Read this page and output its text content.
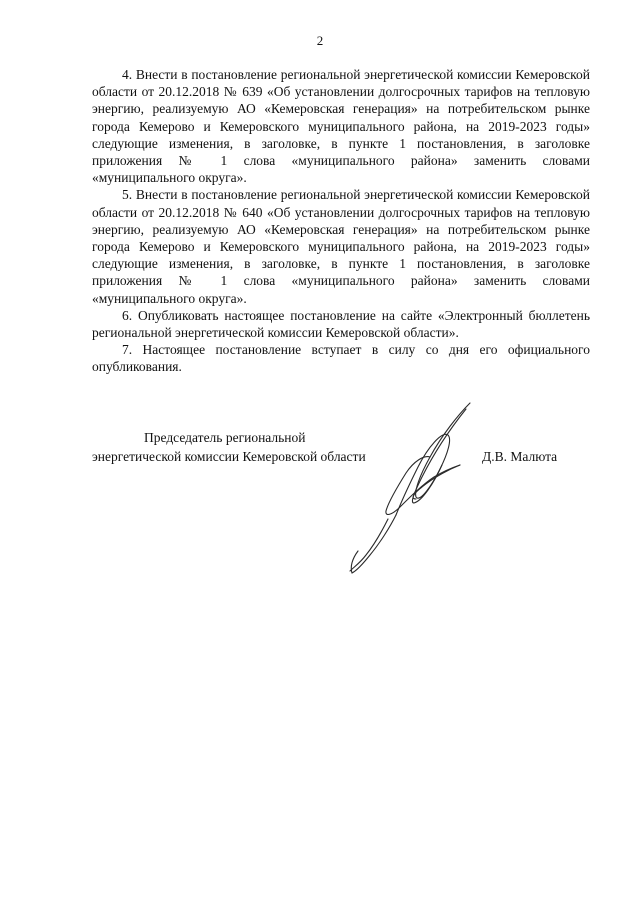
2

4. Внести в постановление региональной энергетической комиссии Кемеровской области от 20.12.2018 № 639 «Об установлении долгосрочных тарифов на тепловую энергию, реализуемую АО «Кемеровская генерация» на потребительском рынке города Кемерово и Кемеровского муниципального района, на 2019-2023 годы» следующие изменения, в заголовке, в пункте 1 постановления, в заголовке приложения № 1 слова «муниципального района» заменить словами «муниципального округа».

5. Внести в постановление региональной энергетической комиссии Кемеровской области от 20.12.2018 № 640 «Об установлении долгосрочных тарифов на тепловую энергию, реализуемую АО «Кемеровская генерация» на потребительском рынке города Кемерово и Кемеровского муниципального района, на 2019-2023 годы» следующие изменения, в заголовке, в пункте 1 постановления, в заголовке приложения № 1 слова «муниципального района» заменить словами «муниципального округа».

6. Опубликовать настоящее постановление на сайте «Электронный бюллетень региональной энергетической комиссии Кемеровской области».

7. Настоящее постановление вступает в силу со дня его официального опубликования.

Председатель региональной
энергетической комиссии Кемеровской области	Д.В. Малюта
